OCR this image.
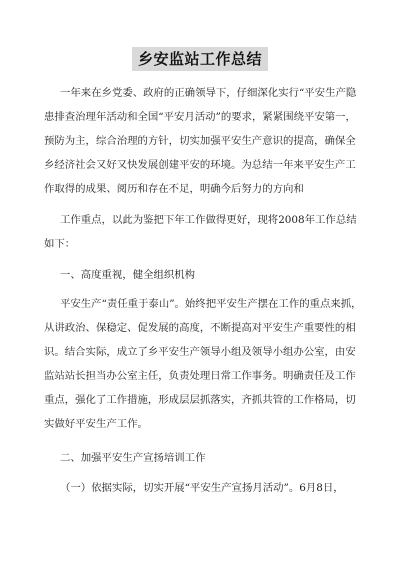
乡安监站工作总结
一年来在乡党委、政府的正确领导下，仔细深化实行“平安生产隐
患排查治理年活动和全国“平安月活动”的要求，紧紧围绕平安第一，
预防为主，综合治理的方针，切实加强平安生产意识的提高，确保全
乡经济社会又好又快发展创建平安的环境。为总结一年来平安生产工
作取得的成果、阅历和存在不足，明确今后努力的方向和
工作重点，以此为鉴把下年工作做得更好，现将2008年工作总结
如下：
一、高度重视，健全组织机构
平安生产“责任重于泰山”。始终把平安生产摆在工作的重点来抓，
从讲政治、保稳定、促发展的高度，不断提高对平安生产重要性的相
识。结合实际，成立了乡平安生产领导小组及领导小组办公室，由安
监站站长担当办公室主任，负责处理日常工作事务。明确责任及工作
重点，强化了工作措施，形成层层抓落实，齐抓共管的工作格局，切
实做好平安生产工作。
二、加强平安生产宣扬培训工作
（一）依据实际，切实开展“平安生产宣扬月活动”。6月8日，
